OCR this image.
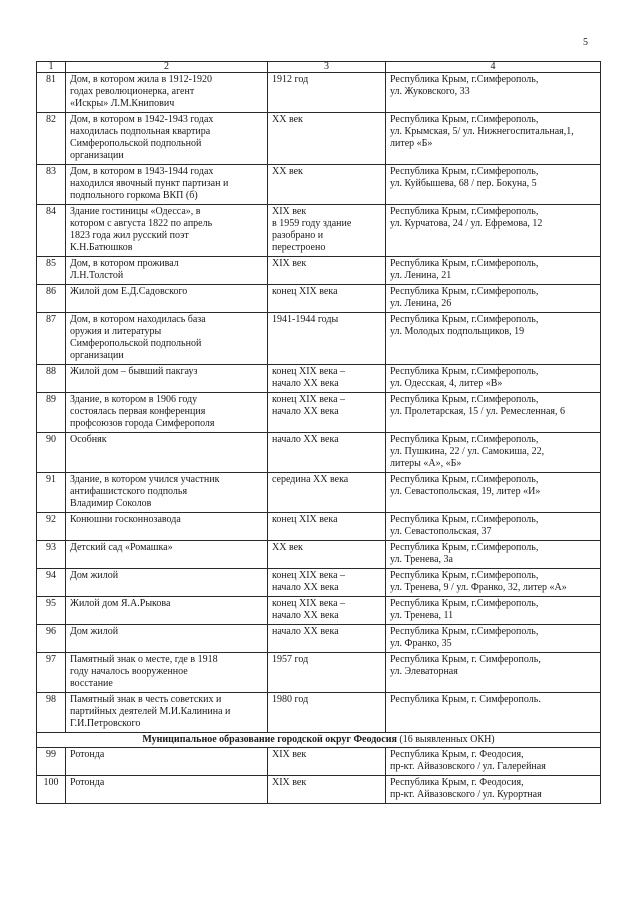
5
1	2	3	4
81	Дом, в котором жила в 1912-1920
годах революционерка, агент
«Искры» Л.М.Книпович	1912 год	Республика Крым, г.Симферополь,
ул. Жуковского, 33

82	Дом, в котором в 1942-1943 годах
находилась подпольная квартира
Симферопольской подпольной
организации	XX век	Республика Крым, г.Симферополь,
ул. Крымская, 5/ ул. Нижнегоспитальная,1,
литер «Б»

83	Дом, в котором в 1943-1944 годах
находился явочный пункт партизан и
подпольного горкома ВКП (б)	XX век	Республика Крым, г.Симферополь,
ул. Куйбышева, 68 / пер. Бокуна, 5

84	Здание гостиницы «Одесса», в
котором с августа 1822 по апрель
1823 года жил русский поэт
К.Н.Батюшков	XIX век
в 1959 году здание
разобрано и
перестроено	Республика Крым, г.Симферополь,
ул. Курчатова, 24 / ул. Ефремова, 12

85	Дом, в котором проживал
Л.Н.Толстой	XIX век	Республика Крым, г.Симферополь,
ул. Ленина, 21

86	Жилой дом Е.Д.Садовского	конец XIX века	Республика Крым, г.Симферополь,
ул. Ленина, 26

87	Дом, в котором находилась база
оружия и литературы
Симферопольской подпольной
организации	1941-1944 годы	Республика Крым, г.Симферополь,
ул. Молодых подпольщиков, 19

88	Жилой дом – бывший пакгауз	конец XIX века –
начало XX века	Республика Крым, г.Симферополь,
ул. Одесская, 4, литер «В»

89	Здание, в котором в 1906 году
состоялась первая конференция
профсоюзов города Симферополя	конец XIX века –
начало XX века	Республика Крым, г.Симферополь,
ул. Пролетарская, 15 / ул. Ремесленная, 6

90	Особняк	начало XX века	Республика Крым, г.Симферополь,
ул. Пушкина, 22 / ул. Самокиша, 22,
литеры «А», «Б»

91	Здание, в котором учился участник
антифашистского подполья
Владимир Соколов	середина XX века	Республика Крым, г.Симферополь,
ул. Севастопольская, 19, литер «И»

92	Конюшни госконнозавода	конец XIX века	Республика Крым, г.Симферополь,
ул. Севастопольская, 37

93	Детский сад «Ромашка»	XX век	Республика Крым, г.Симферополь,
ул. Тренева, 3а

94	Дом жилой	конец XIX века –
начало XX века	Республика Крым, г.Симферополь,
ул. Тренева, 9 / ул. Франко, 32, литер «А»

95	Жилой дом Я.А.Рыкова	конец XIX века –
начало XX века	Республика Крым, г.Симферополь,
ул. Тренева, 11

96	Дом жилой	начало XX века	Республика Крым, г.Симферополь,
ул. Франко, 35

97	Памятный знак о месте, где в 1918
году началось вооруженное
восстание	1957 год	Республика Крым, г. Симферополь,
ул. Элеваторная

98	Памятный знак в честь советских и
партийных деятелей М.И.Калинина и
Г.И.Петровского	1980 год	Республика Крым, г. Симферополь.

Муниципальное образование городской округ Феодосия (16 выявленных ОКН)			
99	Ротонда	XIX век	Республика Крым, г. Феодосия,
пр-кт. Айвазовского / ул. Галерейная

100	Ротонда	XIX век	Республика Крым, г. Феодосия,
пр-кт. Айвазовского / ул. Курортная
